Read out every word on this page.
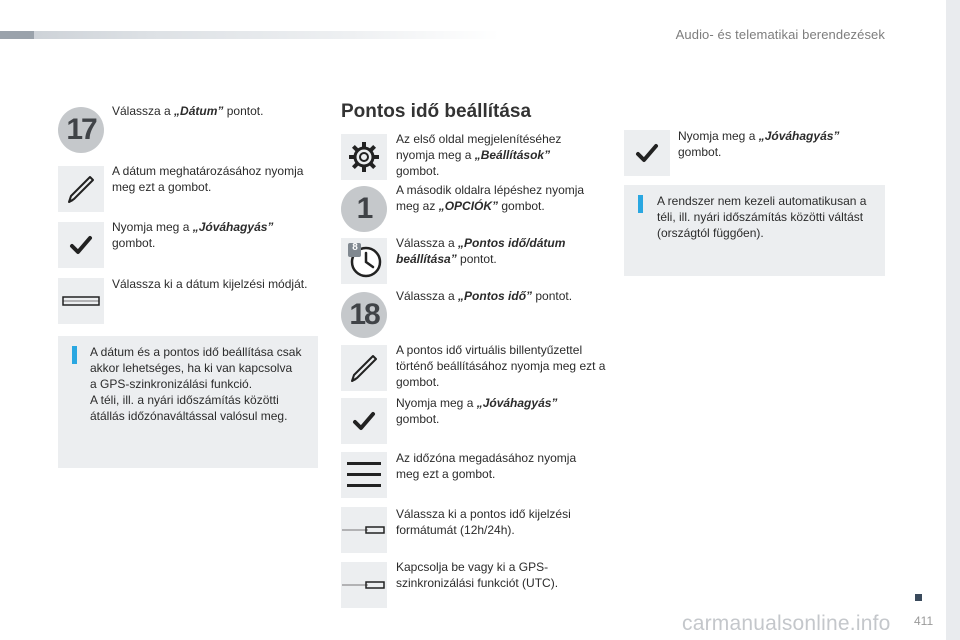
Audio- és telematikai berendezések
17
Válassza a „Dátum” pontot.
A dátum meghatározásához nyomja meg ezt a gombot.
Nyomja meg a „Jóváhagyás”
gombot.
Válassza ki a dátum kijelzési módját.
A dátum és a pontos idő beállítása csak
akkor lehetséges, ha ki van kapcsolva
a GPS-szinkronizálási funkció.
A téli, ill. a nyári időszámítás közötti
átállás időzónaváltással valósul meg.
Pontos idő beállítása
Az első oldal megjelenítéséhez nyomja meg a „Beállítások” gombot.
1
A második oldalra lépéshez nyomja meg az „OPCIÓK” gombot.
8	Válassza a „Pontos idő/dátum beállítása” pontot.
18
Válassza a „Pontos idő” pontot.
A pontos idő virtuális billentyűzettel történő beállításához nyomja meg ezt a gombot.
Nyomja meg a „Jóváhagyás”
gombot.
Az időzóna megadásához nyomja meg ezt a gombot.
Válassza ki a pontos idő kijelzési formátumát (12h/24h).
Kapcsolja be vagy ki a GPS-szinkronizálási funkciót (UTC).
Nyomja meg a „Jóváhagyás”
gombot.
A rendszer nem kezeli automatikusan a
téli, ill. nyári időszámítás közötti váltást
(országtól függően).
411
carmanualsonline.info
